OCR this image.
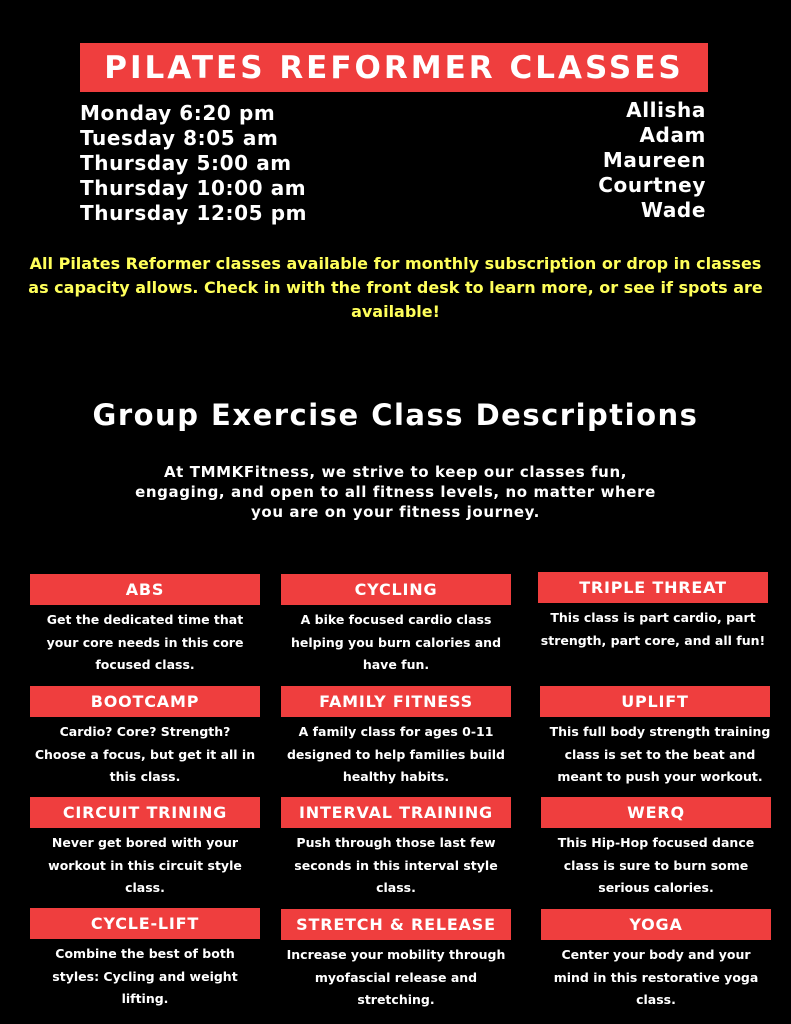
PILATES REFORMER CLASSES
Monday 6:20 pm
Tuesday 8:05 am
Thursday 5:00 am
Thursday 10:00 am
Thursday 12:05 pm
Allisha
Adam
Maureen
Courtney
Wade
All Pilates Reformer classes available for monthly subscription or drop in classes as capacity allows. Check in with the front desk to learn more, or see if spots are available!
Group Exercise Class Descriptions
At TMMKFitness, we strive to keep our classes fun, engaging, and open to all fitness levels, no matter where you are on your fitness journey.
ABS
Get the dedicated time that your core needs in this core focused class.
CYCLING
A bike focused cardio class helping you burn calories and have fun.
TRIPLE THREAT
This class is part cardio, part strength, part core, and all fun!
BOOTCAMP
Cardio? Core? Strength? Choose a focus, but get it all in this class.
FAMILY FITNESS
A family class for ages 0-11 designed to help families build healthy habits.
UPLIFT
This full body strength training class is set to the beat and meant to push your workout.
CIRCUIT TRINING
Never get bored with your workout in this circuit style class.
INTERVAL TRAINING
Push through those last few seconds in this interval style class.
WERQ
This Hip-Hop focused dance class is sure to burn some serious calories.
CYCLE-LIFT
Combine the best of both styles: Cycling and weight lifting.
STRETCH & RELEASE
Increase your mobility through myofascial release and stretching.
YOGA
Center your body and your mind in this restorative yoga class.
